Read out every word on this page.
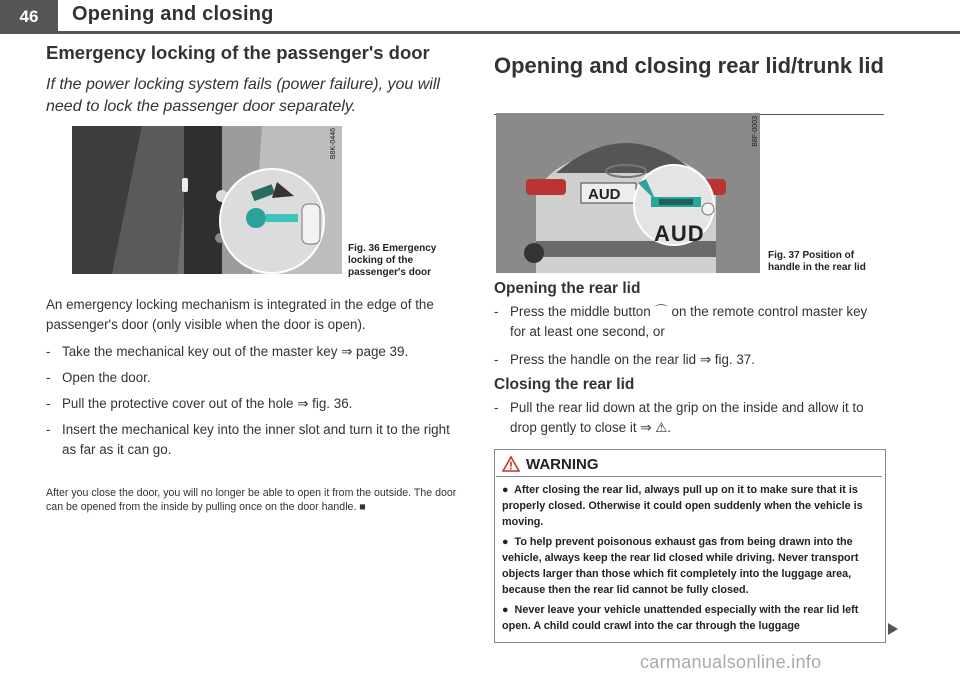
46	Opening and closing
Emergency locking of the passenger's door
If the power locking system fails (power failure), you will need to lock the passenger door separately.
B8K-0446
Fig. 36 Emergency
locking of the
passenger's door
An emergency locking mechanism is integrated in the edge of the passenger's door (only visible when the door is open).
- Take the mechanical key out of the master key ⇒ page 39.
- Open the door.
- Pull the protective cover out of the hole ⇒ fig. 36.
- Insert the mechanical key into the inner slot and turn it to the right as far as it can go.
After you close the door, you will no longer be able to open it from the outside. The door can be opened from the inside by pulling once on the door handle. ■
Opening and closing rear lid/trunk lid
AUD
AUD
B8F-0003
Fig. 37 Position of
handle in the rear lid
Opening the rear lid
- Press the middle button ⌒ on the remote control master key for at least one second, or
- Press the handle on the rear lid ⇒ fig. 37.
Closing the rear lid
- Pull the rear lid down at the grip on the inside and allow it to drop gently to close it ⇒ ⚠.
WARNING
●  After closing the rear lid, always pull up on it to make sure that it is properly closed. Otherwise it could open suddenly when the vehicle is moving.
●  To help prevent poisonous exhaust gas from being drawn into the vehicle, always keep the rear lid closed while driving. Never transport objects larger than those which fit completely into the luggage area, because then the rear lid cannot be fully closed.
●  Never leave your vehicle unattended especially with the rear lid left open. A child could crawl into the car through the luggage
carmanualsonline.info
